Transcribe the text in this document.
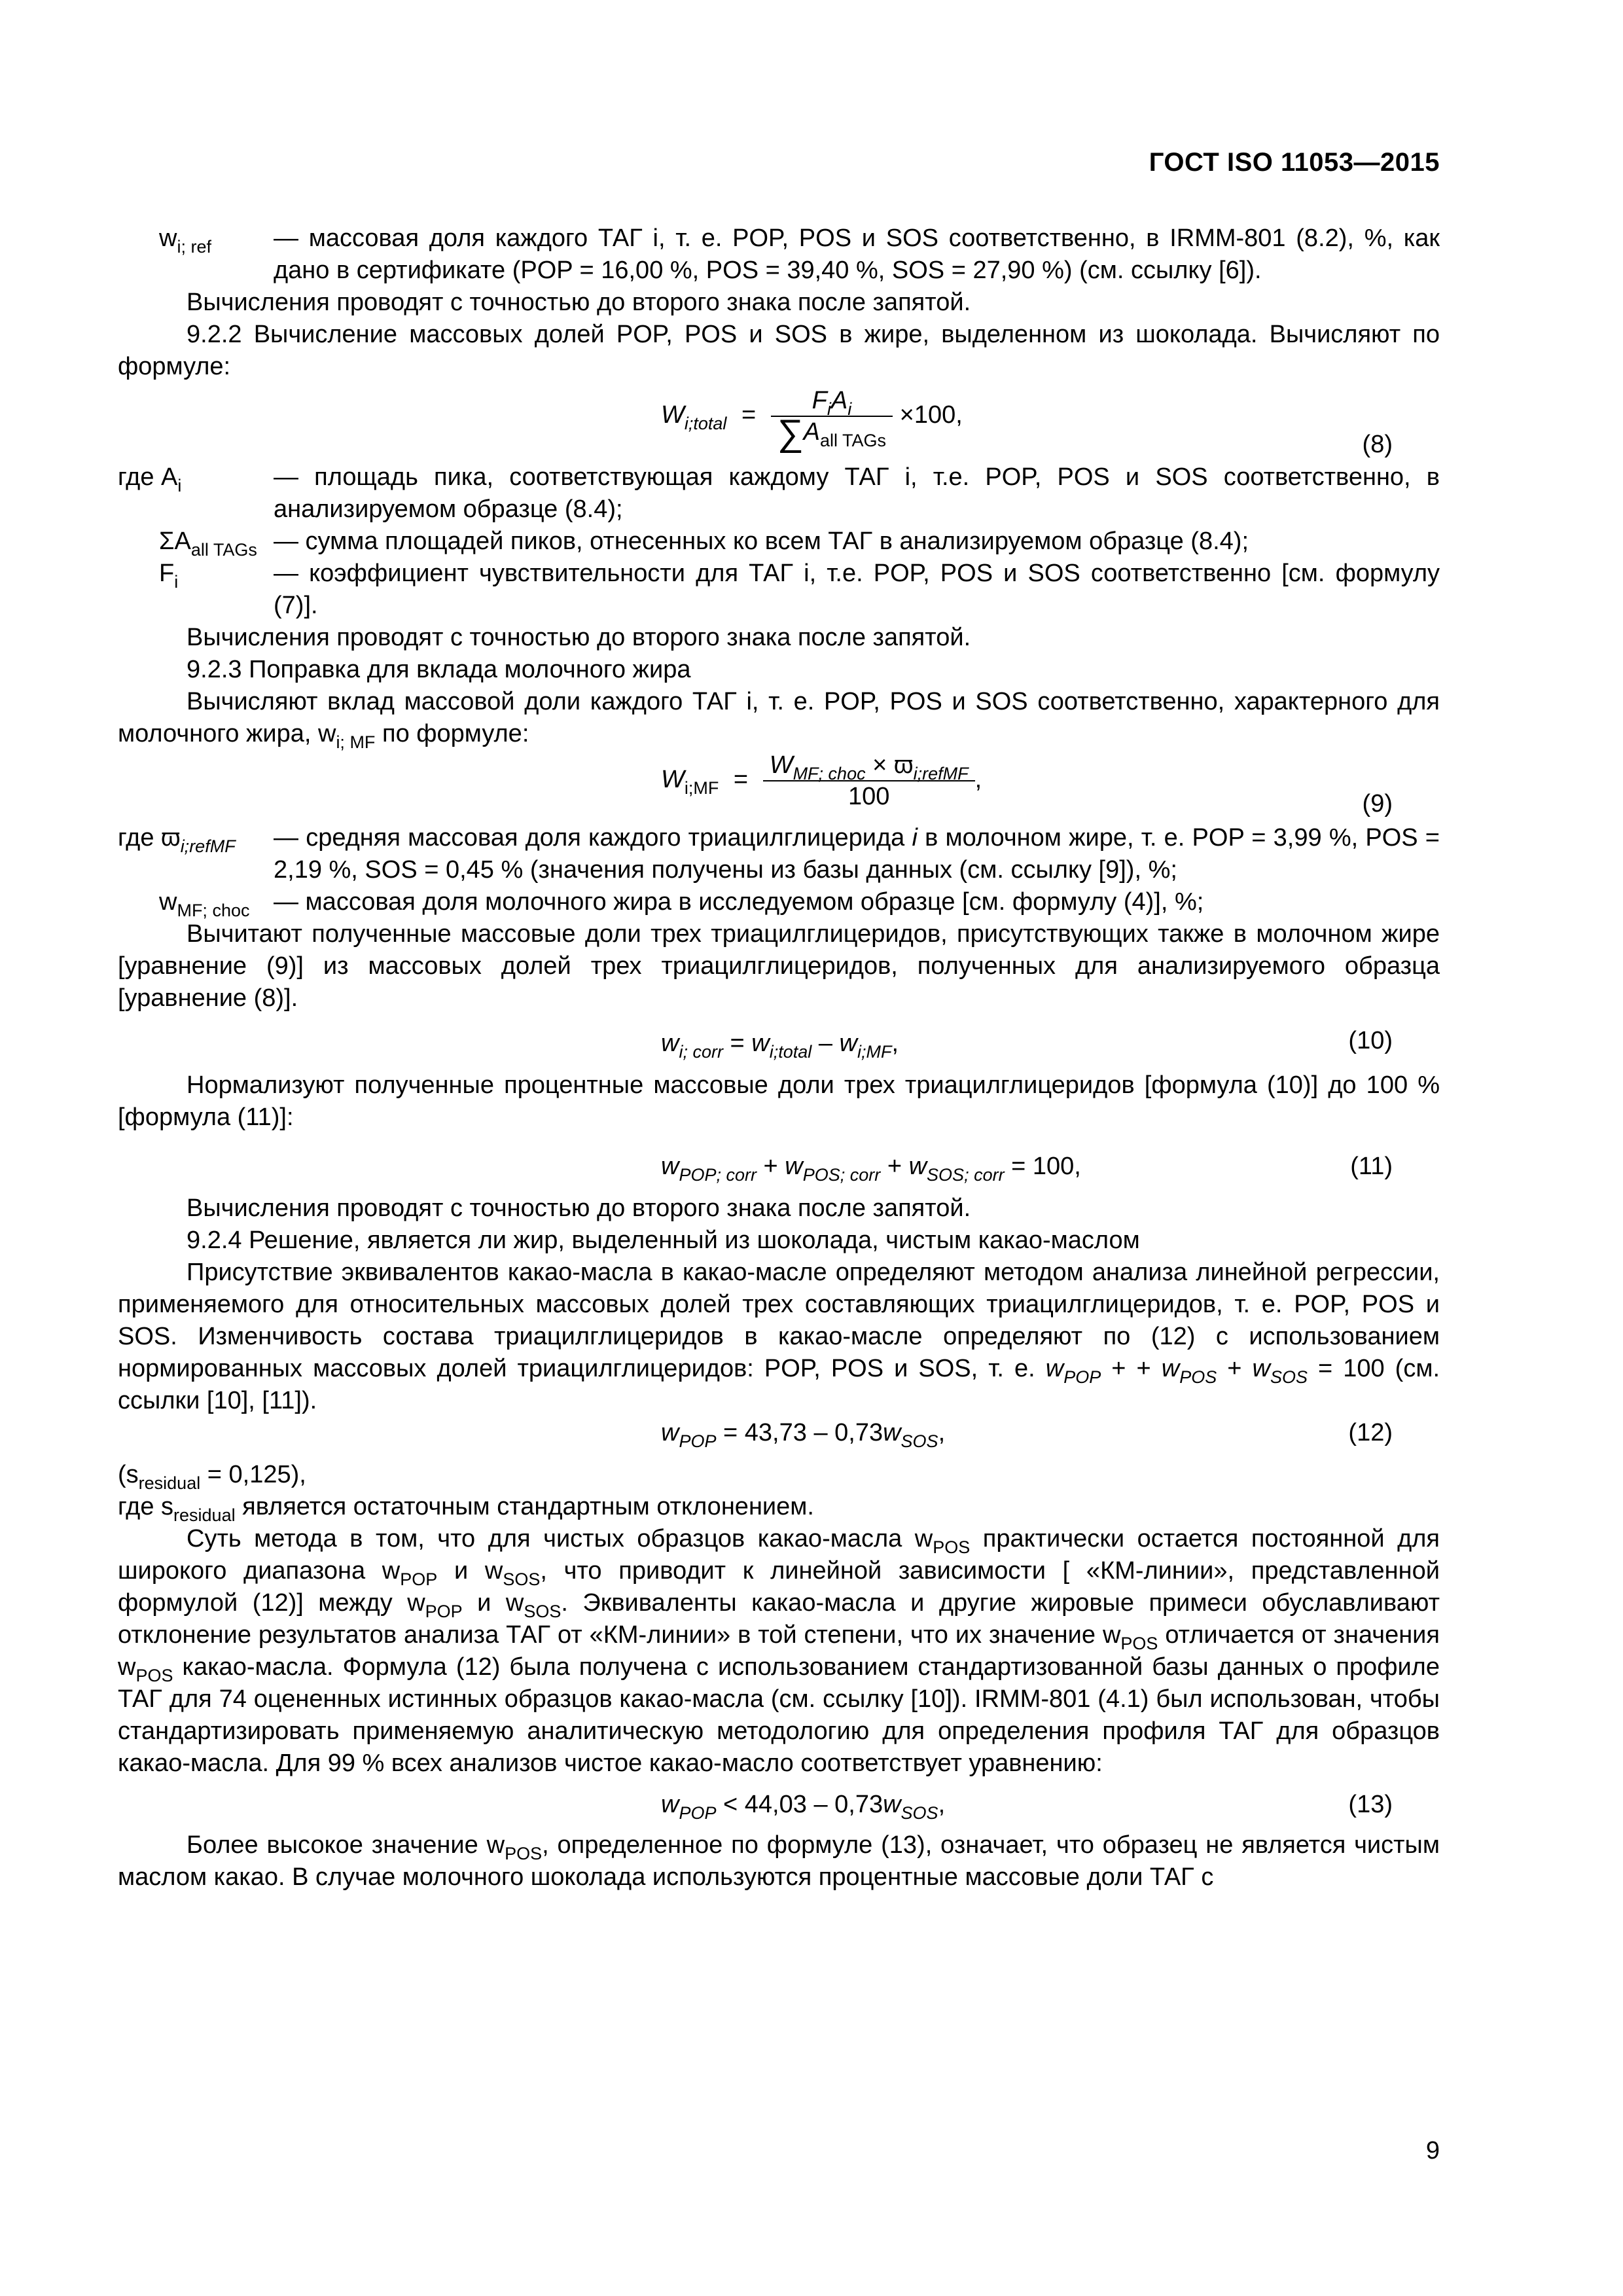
ГОСТ ISO 11053—2015

$w_{i; ref}$	— массовая доля каждого ТАГ i, т. е. POP, POS и SOS соответственно, в IRMM-801 (8.2), %, как дано в сертификате (POP = 16,00 %, POS = 39,40 %, SOS = 27,90 %) (см. ссылку [6]).

Вычисления проводят с точностью до второго знака после запятой.

9.2.2 Вычисление массовых долей POP, POS и SOS в жире, выделенном из шоколада. Вычисляют по формуле:

$W_{i;total} = \frac{F_iA_i}{\sum A_{all TAGs}} \times 100$,
(8)

где $A_i$	— площадь пика, соответствующая каждому ТАГ i, т.е. POP, POS и SOS соответственно, в анализируемом образце (8.4);

$\Sigma A_{all TAGs}$ — сумма площадей пиков, отнесенных ко всем ТАГ в анализируемом образце (8.4);

$F_i$	— коэффициент чувствительности для ТАГ i, т.е. POP, POS и SOS соответственно [см. формулу (7)].

Вычисления проводят с точностью до второго знака после запятой.

9.2.3 Поправка для вклада молочного жира

Вычисляют вклад массовой доли каждого ТАГ i, т. е. POP, POS и SOS соответственно, характерного для молочного жира, $w_{i; MF}$ по формуле:

$W_{i;MF} = \frac{W_{MF; choc} \times ϖ_{i;refMF}}{100}$ ,
(9)

где $ϖ_{i;refMF}$ — средняя массовая доля каждого триацилглицерида i в молочном жире, т. е. POP = 3,99 %, POS = 2,19 %, SOS = 0,45 % (значения получены из базы данных (см. ссылку [9]), %;

$w_{MF; choc}$ — массовая доля молочного жира в исследуемом образце [см. формулу (4)], %;

Вычитают полученные массовые доли трех триацилглицеридов, присутствующих также в молочном жире [уравнение (9)] из массовых долей трех триацилглицеридов, полученных для анализируемого образца [уравнение (8)].

$w_{i; corr} = w_{i;total} - w_{i;MF}$,	(10)

Нормализуют полученные процентные массовые доли трех триацилглицеридов [формула (10)] до 100 % [формула (11)]:

$w_{POP; corr} + w_{POS; corr} + w_{SOS; corr} = 100$,	(11)

Вычисления проводят с точностью до второго знака после запятой.

9.2.4 Решение, является ли жир, выделенный из шоколада, чистым какао-маслом

Присутствие эквивалентов какао-масла в какао-масле определяют методом анализа линейной регрессии, применяемого для относительных массовых долей трех составляющих триацилглицеридов, т. е. POP, POS и SOS. Изменчивость состава триацилглицеридов в какао-масле определяют по (12) с использованием нормированных массовых долей триацилглицеридов: POP, POS и SOS, т. е. $w_{POP}$ + + $w_{POS} + w_{SOS} = 100$ (см. ссылки [10], [11]).

$w_{POP} = 43,73 - 0,73w_{SOS}$,	(12)

$(s_{residual} = 0,125)$,

где $s_{residual}$ является остаточным стандартным отклонением.

Суть метода в том, что для чистых образцов какао-масла $w_{POS}$ практически остается постоянной для широкого диапазона $w_{POP}$ и $w_{SOS}$, что приводит к линейной зависимости [ «КМ-линии», представленной формулой (12)] между $w_{POP}$ и $w_{SOS}$. Эквиваленты какао-масла и другие жировые примеси обуславливают отклонение результатов анализа ТАГ от «КМ-линии» в той степени, что их значение $w_{POS}$ отличается от значения $w_{POS}$ какао-масла. Формула (12) была получена с использованием стандартизованной базы данных о профиле ТАГ для 74 оцененных истинных образцов какао-масла (см. ссылку [10]). IRMM-801 (4.1) был использован, чтобы стандартизировать применяемую аналитическую методологию для определения профиля ТАГ для образцов какао-масла. Для 99 % всех анализов чистое какао-масло соответствует уравнению:

$w_{POP} < 44,03 - 0,73w_{SOS}$,	(13)

Более высокое значение $w_{POS}$, определенное по формуле (13), означает, что образец не является чистым маслом какао. В случае молочного шоколада используются процентные массовые доли ТАГ с

9
